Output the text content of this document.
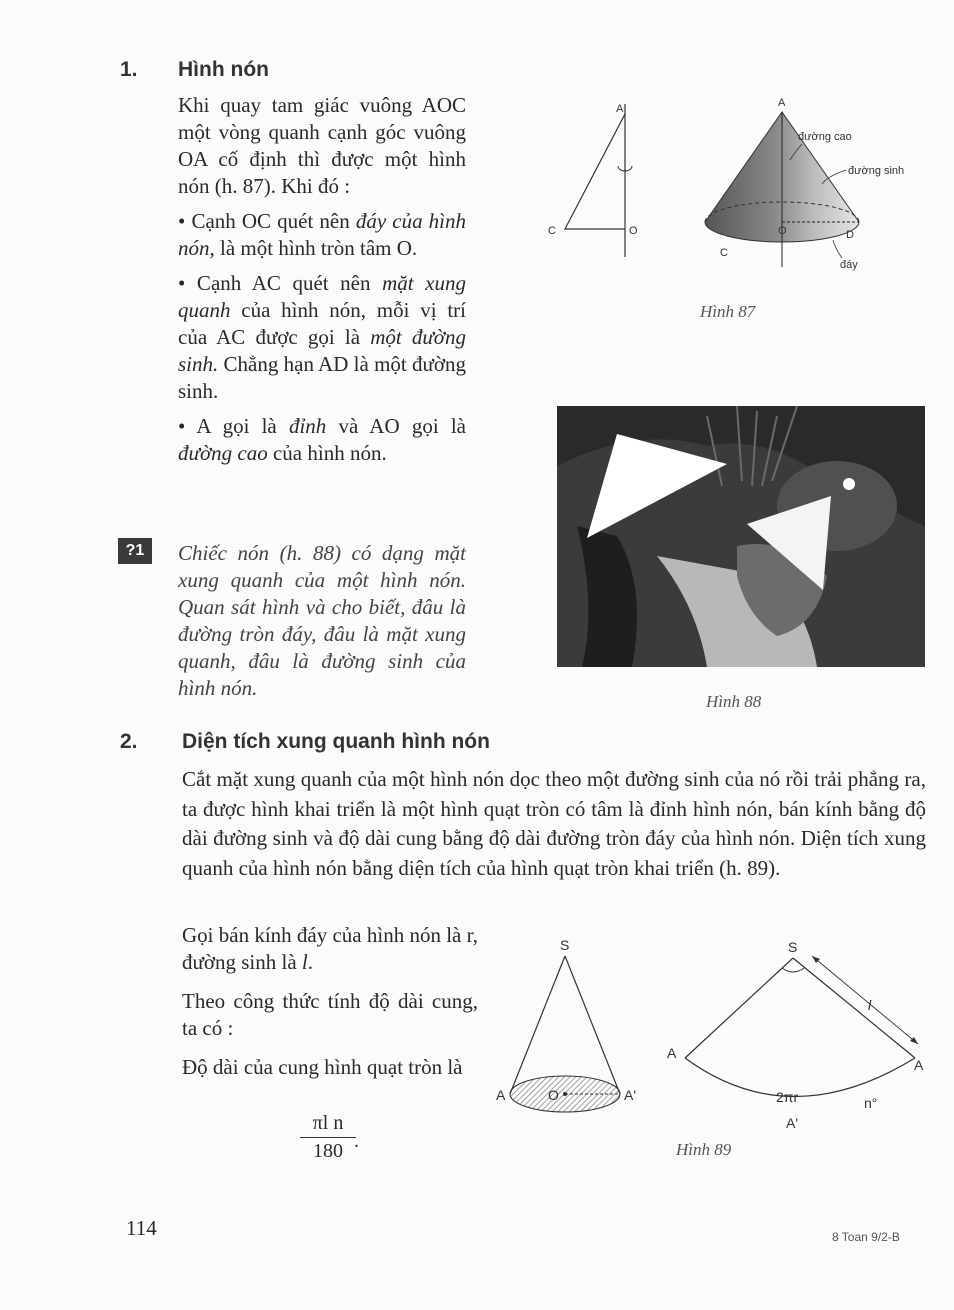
1. Hình nón

Khi quay tam giác vuông AOC một vòng quanh cạnh góc vuông OA cố định thì được một hình nón (h. 87). Khi đó :

• Cạnh OC quét nên đáy của hình nón, là một hình tròn tâm O.

• Cạnh AC quét nên mặt xung quanh của hình nón, mỗi vị trí của AC được gọi là một đường sinh. Chẳng hạn AD là một đường sinh.

• A gọi là đỉnh và AO gọi là đường cao của hình nón.

?1	Chiếc nón (h. 88) có dạng mặt xung quanh của một hình nón. Quan sát hình và cho biết, đâu là đường tròn đáy, đâu là mặt xung quanh, đâu là đường sinh của hình nón.
A
C	O
A
O
C
D
đường cao
đường sinh
đáy
Hình 87
Hình 88
2. Diện tích xung quanh hình nón
Cắt mặt xung quanh của một hình nón dọc theo một đường sinh của nó rồi trải phẳng ra, ta được hình khai triển là một hình quạt tròn có tâm là đỉnh hình nón, bán kính bằng độ dài đường sinh và độ dài cung bằng độ dài đường tròn đáy của hình nón. Diện tích xung quanh của hình nón bằng diện tích của hình quạt tròn khai triển (h. 89).

Gọi bán kính đáy của hình nón là r, đường sinh là l.

Theo công thức tính độ dài cung, ta có :

Độ dài của cung hình quạt tròn là

$\frac{\text{πl n}}{180}$
.
S
A	A'
O
S
A
A
A'
l
2πr	n°
Hình 89
114	8 Toan 9/2-B
